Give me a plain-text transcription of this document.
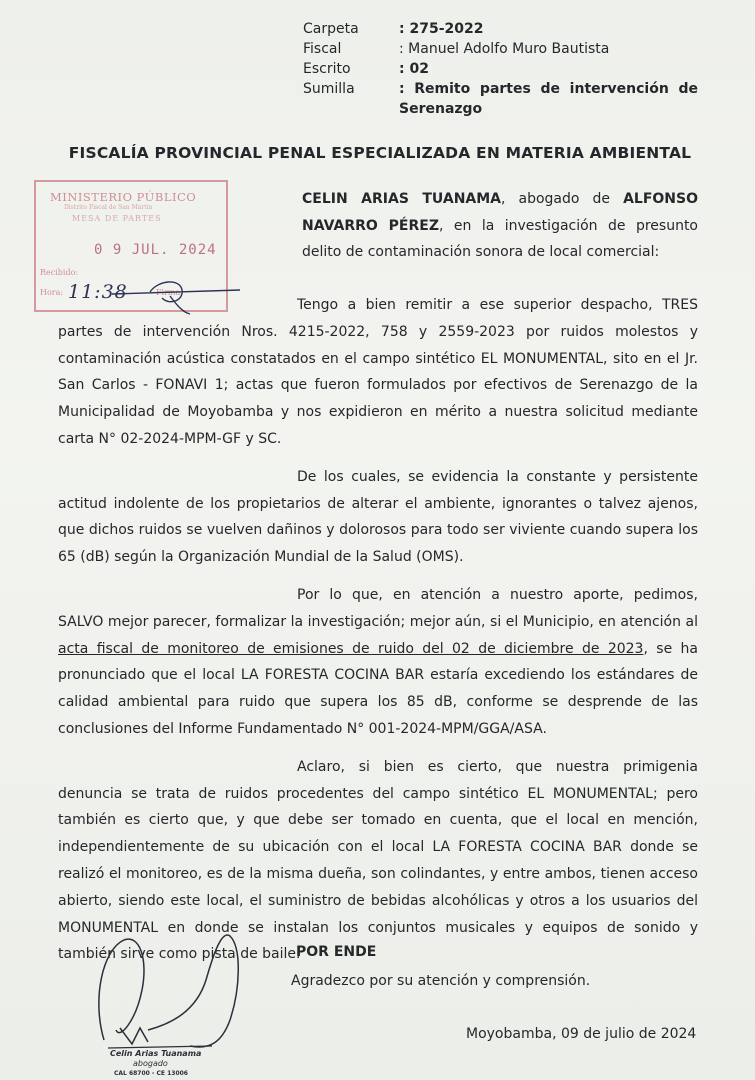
Carpeta	: 275-2022
Fiscal	: Manuel Adolfo Muro Bautista
Escrito	: 02
Sumilla	: Remito partes de intervención de Serenazgo
FISCALÍA PROVINCIAL PENAL ESPECIALIZADA EN MATERIA AMBIENTAL
CELIN ARIAS TUANAMA, abogado de ALFONSO NAVARRO PÉREZ, en la investigación de presunto delito de contaminación sonora de local comercial:

Tengo a bien remitir a ese superior despacho, TRES partes de intervención Nros. 4215-2022, 758 y 2559-2023 por ruidos molestos y contaminación acústica constatados en el campo sintético EL MONUMENTAL, sito en el Jr. San Carlos - FONAVI 1; actas que fueron formulados por efectivos de Serenazgo de la Municipalidad de Moyobamba y nos expidieron en mérito a nuestra solicitud mediante carta N° 02-2024-MPM-GF y SC.

De los cuales, se evidencia la constante y persistente actitud indolente de los propietarios de alterar el ambiente, ignorantes o talvez ajenos, que dichos ruidos se vuelven dañinos y dolorosos para todo ser viviente cuando supera los 65 (dB) según la Organización Mundial de la Salud (OMS).

Por lo que, en atención a nuestro aporte, pedimos, SALVO mejor parecer, formalizar la investigación; mejor aún, si el Municipio, en atención al acta fiscal de monitoreo de emisiones de ruido del 02 de diciembre de 2023, se ha pronunciado que el local LA FORESTA COCINA BAR estaría excediendo los estándares de calidad ambiental para ruido que supera los 85 dB, conforme se desprende de las conclusiones del Informe Fundamentado N° 001-2024-MPM/GGA/ASA.

Aclaro, si bien es cierto, que nuestra primigenia denuncia se trata de ruidos procedentes del campo sintético EL MONUMENTAL; pero también es cierto que, y que debe ser tomado en cuenta, que el local en mención, independientemente de su ubicación con el local LA FORESTA COCINA BAR donde se realizó el monitoreo, es de la misma dueña, son colindantes, y entre ambos, tienen acceso abierto, siendo este local, el suministro de bebidas alcohólicas y otros a los usuarios del MONUMENTAL en donde se instalan los conjuntos musicales y equipos de sonido y también sirve como pista de baile.

POR ENDE
Agradezco por su atención y comprensión.
Moyobamba, 09 de julio de 2024
MINISTERIO PÚBLICO
Distrito Fiscal de San Martín
MESA DE PARTES
0 9 JUL. 2024
Recibido:
Hora:	Firma:
11:38
Celin Arias Tuanama
abogado
CAL 68700 - CE 13006
